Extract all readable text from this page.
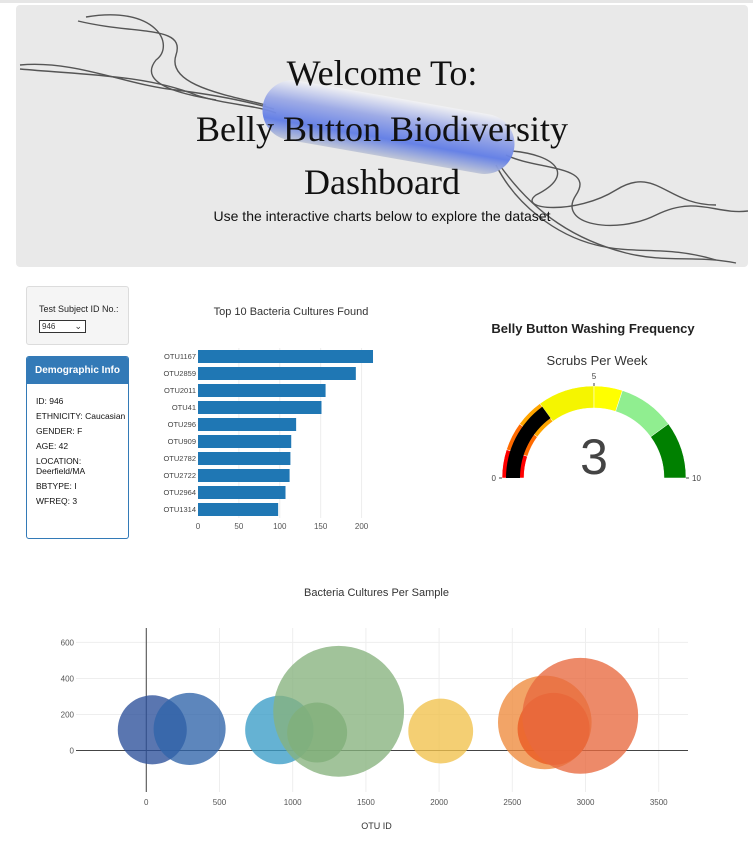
Welcome To:
Belly Button Biodiversity
Dashboard
Use the interactive charts below to explore the dataset
Test Subject ID No.:
946 ⌄
Demographic Info
ID: 946
ETHNICITY: Caucasian
GENDER: F
AGE: 42
LOCATION: Deerfield/MA
BBTYPE: I
WFREQ: 3
Top 10 Bacteria Cultures Found
0	50	100	150	200
OTU1167
OTU2859
OTU2011
OTU41
OTU296
OTU909
OTU2782
OTU2722
OTU2964
OTU1314
Belly Button Washing Frequency
Scrubs Per Week
0
5
10
3
Bacteria Cultures Per Sample
0	500	1000	1500	2000	2500	3000	3500
0
200
400
600
OTU ID
